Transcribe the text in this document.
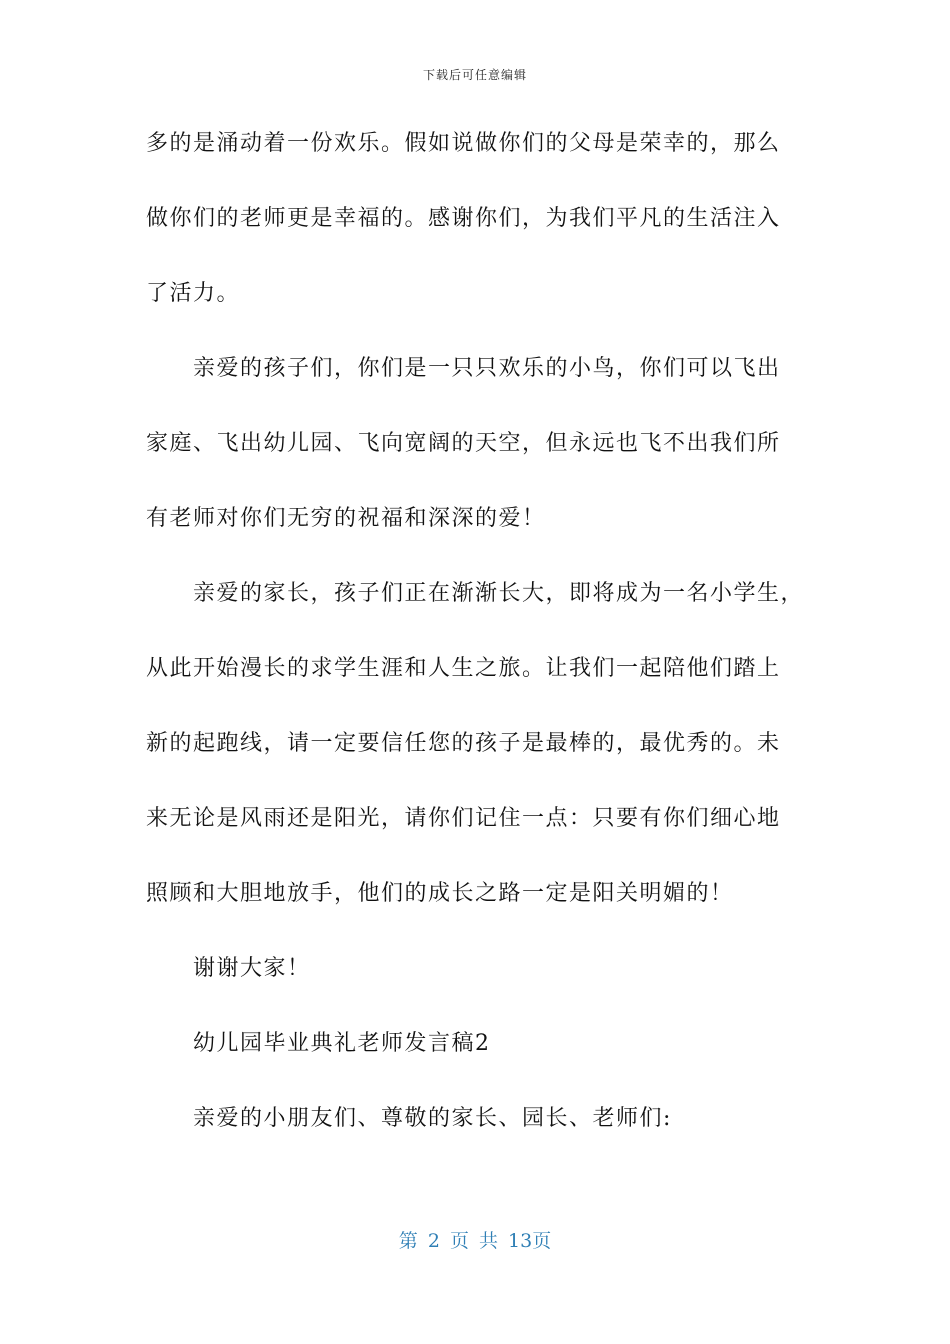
下载后可任意编辑
多的是涌动着一份欢乐。假如说做你们的父母是荣幸的，那么
做你们的老师更是幸福的。感谢你们，为我们平凡的生活注入
了活力。
亲爱的孩子们，你们是一只只欢乐的小鸟，你们可以飞出
家庭、飞出幼儿园、飞向宽阔的天空，但永远也飞不出我们所
有老师对你们无穷的祝福和深深的爱！
亲爱的家长，孩子们正在渐渐长大，即将成为一名小学生，
从此开始漫长的求学生涯和人生之旅。让我们一起陪他们踏上
新的起跑线，请一定要信任您的孩子是最棒的，最优秀的。未
来无论是风雨还是阳光，请你们记住一点：只要有你们细心地
照顾和大胆地放手，他们的成长之路一定是阳关明媚的！
谢谢大家！
幼儿园毕业典礼老师发言稿2
亲爱的小朋友们、尊敬的家长、园长、老师们:
第 2 页 共 13页
